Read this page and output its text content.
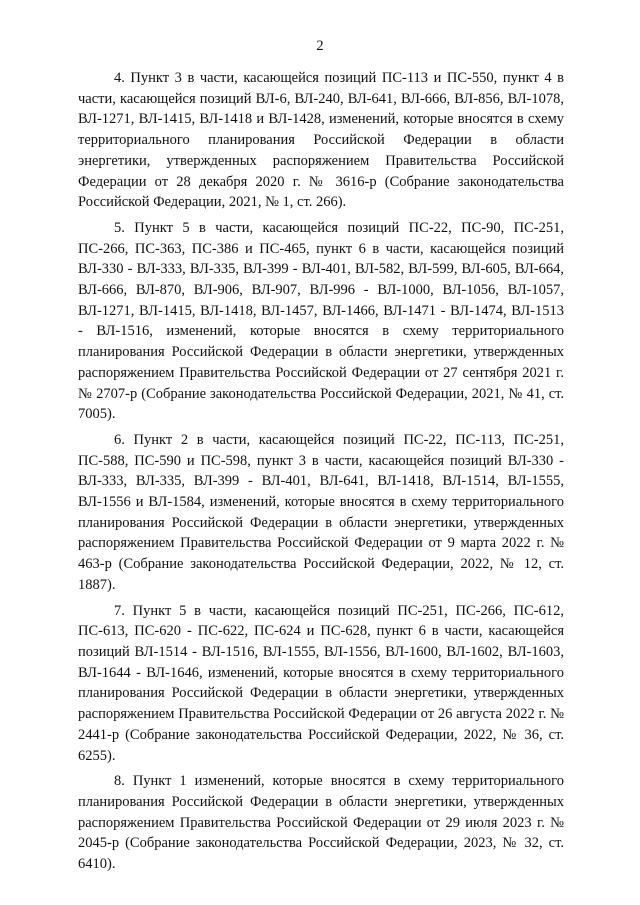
2

4. Пункт 3 в части, касающейся позиций ПС-113 и ПС-550, пункт 4 в части, касающейся позиций ВЛ-6, ВЛ-240, ВЛ-641, ВЛ-666, ВЛ-856, ВЛ-1078, ВЛ-1271, ВЛ-1415, ВЛ-1418 и ВЛ-1428, изменений, которые вносятся в схему территориального планирования Российской Федерации в области энергетики, утвержденных распоряжением Правительства Российской Федерации от 28 декабря 2020 г. № 3616-р (Собрание законодательства Российской Федерации, 2021, № 1, ст. 266).

5. Пункт 5 в части, касающейся позиций ПС-22, ПС-90, ПС-251, ПС-266, ПС-363, ПС-386 и ПС-465, пункт 6 в части, касающейся позиций ВЛ-330 - ВЛ-333, ВЛ-335, ВЛ-399 - ВЛ-401, ВЛ-582, ВЛ-599, ВЛ-605, ВЛ-664, ВЛ-666, ВЛ-870, ВЛ-906, ВЛ-907, ВЛ-996 - ВЛ-1000, ВЛ-1056, ВЛ-1057, ВЛ-1271, ВЛ-1415, ВЛ-1418, ВЛ-1457, ВЛ-1466, ВЛ-1471 - ВЛ-1474, ВЛ-1513 - ВЛ-1516, изменений, которые вносятся в схему территориального планирования Российской Федерации в области энергетики, утвержденных распоряжением Правительства Российской Федерации от 27 сентября 2021 г. № 2707-р (Собрание законодательства Российской Федерации, 2021, № 41, ст. 7005).

6. Пункт 2 в части, касающейся позиций ПС-22, ПС-113, ПС-251, ПС-588, ПС-590 и ПС-598, пункт 3 в части, касающейся позиций ВЛ-330 - ВЛ-333, ВЛ-335, ВЛ-399 - ВЛ-401, ВЛ-641, ВЛ-1418, ВЛ-1514, ВЛ-1555, ВЛ-1556 и ВЛ-1584, изменений, которые вносятся в схему территориального планирования Российской Федерации в области энергетики, утвержденных распоряжением Правительства Российской Федерации от 9 марта 2022 г. № 463-р (Собрание законодательства Российской Федерации, 2022, № 12, ст. 1887).

7. Пункт 5 в части, касающейся позиций ПС-251, ПС-266, ПС-612, ПС-613, ПС-620 - ПС-622, ПС-624 и ПС-628, пункт 6 в части, касающейся позиций ВЛ-1514 - ВЛ-1516, ВЛ-1555, ВЛ-1556, ВЛ-1600, ВЛ-1602, ВЛ-1603, ВЛ-1644 - ВЛ-1646, изменений, которые вносятся в схему территориального планирования Российской Федерации в области энергетики, утвержденных распоряжением Правительства Российской Федерации от 26 августа 2022 г. № 2441-р (Собрание законодательства Российской Федерации, 2022, № 36, ст. 6255).

8. Пункт 1 изменений, которые вносятся в схему территориального планирования Российской Федерации в области энергетики, утвержденных распоряжением Правительства Российской Федерации от 29 июля 2023 г. № 2045-р (Собрание законодательства Российской Федерации, 2023, № 32, ст. 6410).
